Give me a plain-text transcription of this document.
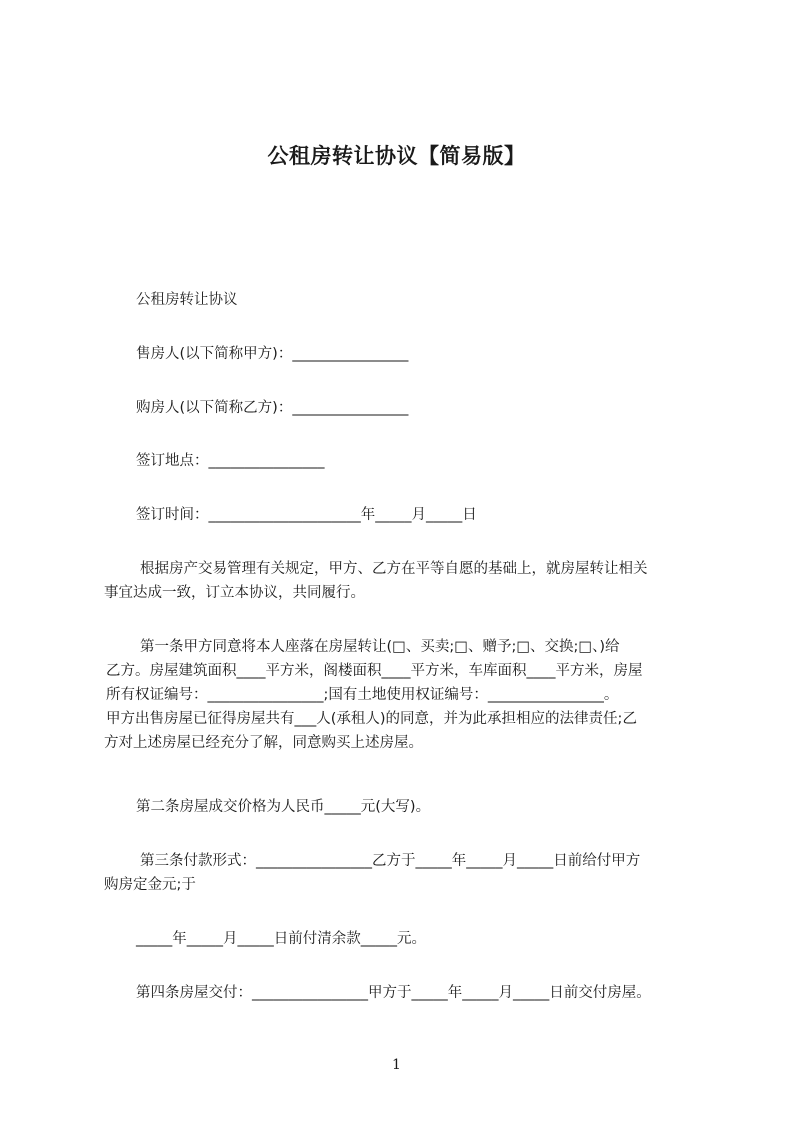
公租房转让协议【简易版】
公租房转让协议
售房人(以下简称甲方)：________________
购房人(以下简称乙方)：________________
签订地点：________________
签订时间：_____________________年_____月_____日
根据房产交易管理有关规定，甲方、乙方在平等自愿的基础上，就房屋转让相关
事宜达成一致，订立本协议，共同履行。
第一条甲方同意将本人座落在房屋转让(□、买卖;□、赠予;□、交换;□、)给
乙方。房屋建筑面积____平方米，阁楼面积____平方米，车库面积____平方米，房屋
所有权证编号：________________;国有土地使用权证编号：________________。
甲方出售房屋已征得房屋共有___人(承租人)的同意，并为此承担相应的法律责任;乙
方对上述房屋已经充分了解，同意购买上述房屋。
第二条房屋成交价格为人民币_____元(大写)。
第三条付款形式：________________乙方于_____年_____月_____日前给付甲方
购房定金元;于
_____年_____月_____日前付清余款_____元。
第四条房屋交付：________________甲方于_____年_____月_____日前交付房屋。
1
